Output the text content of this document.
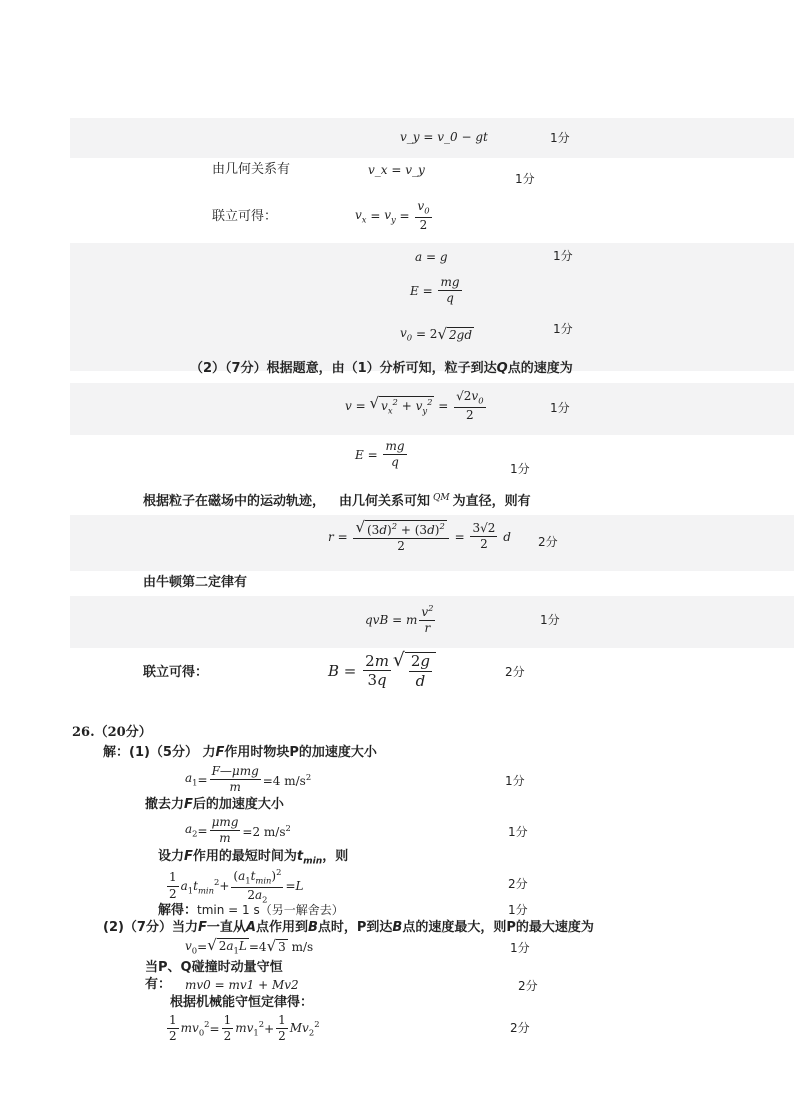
v_y = v_0 − gt	1分
由几何关系有	v_x = v_y
1分
联立可得：	$v_x = v_y = \frac{v_0}{2}$
a = g	1分
$E = \frac{mg}{q}$
$v_0 = 2$ √ 2gd	1分
（2）（7分）根据题意，由（1）分析可知，粒子到达Q点的速度为
v = √ $v_x^2 + v_y^2 = \frac{√2v_0}{2}$	1分
$E = \frac{mg}{q}$	1分
根据粒子在磁场中的运动轨迹， 由几何关系可知 $^{QM}$ 为直径，则有
$r = \frac{√ (3d)^2 + (3d)^2}{2} = \frac{3√2}{2}$ d 2分
由牛顿第二定律有
qvB = m $\frac{v^2}{r}$	1分
联立可得：	$B = \frac{2m}{3q}$ √ $\frac{2g}{d}$	2分
26.（20分）
解：(1)（5分） 力F作用时物块P的加速度大小
$a_1 = \frac{\text{F—μmg}}{m} =4$ $m/s^2$	1分
撤去力F后的加速度大小
$a_2 = \frac{\text{μmg}}{m} =2$ $m/s^2$	1分
设力F作用的最短时间为$t_{min}$，则
$\frac{1}{2} a_1t_{min}^2 + \frac{(a_1t_{min})^2}{2a_2} = L$	2分
解得：tmin = 1 s（另一解舍去）	1分
(2)（7分）当力F一直从A点作用到B点时，P到达B点的速度最大，则P的最大速度为
$v_0$ = √ $2a_1L =4$ √ 3 m/s	1分
当P、Q碰撞时动量守恒
有： mv0 = mv1 + Mv2	2分
根据机械能守恒定律得：
$\frac{1}{2} mv_0^2 = \frac{1}{2} mv_1^2 + \frac{1}{2} Mv_2^2$	2分
